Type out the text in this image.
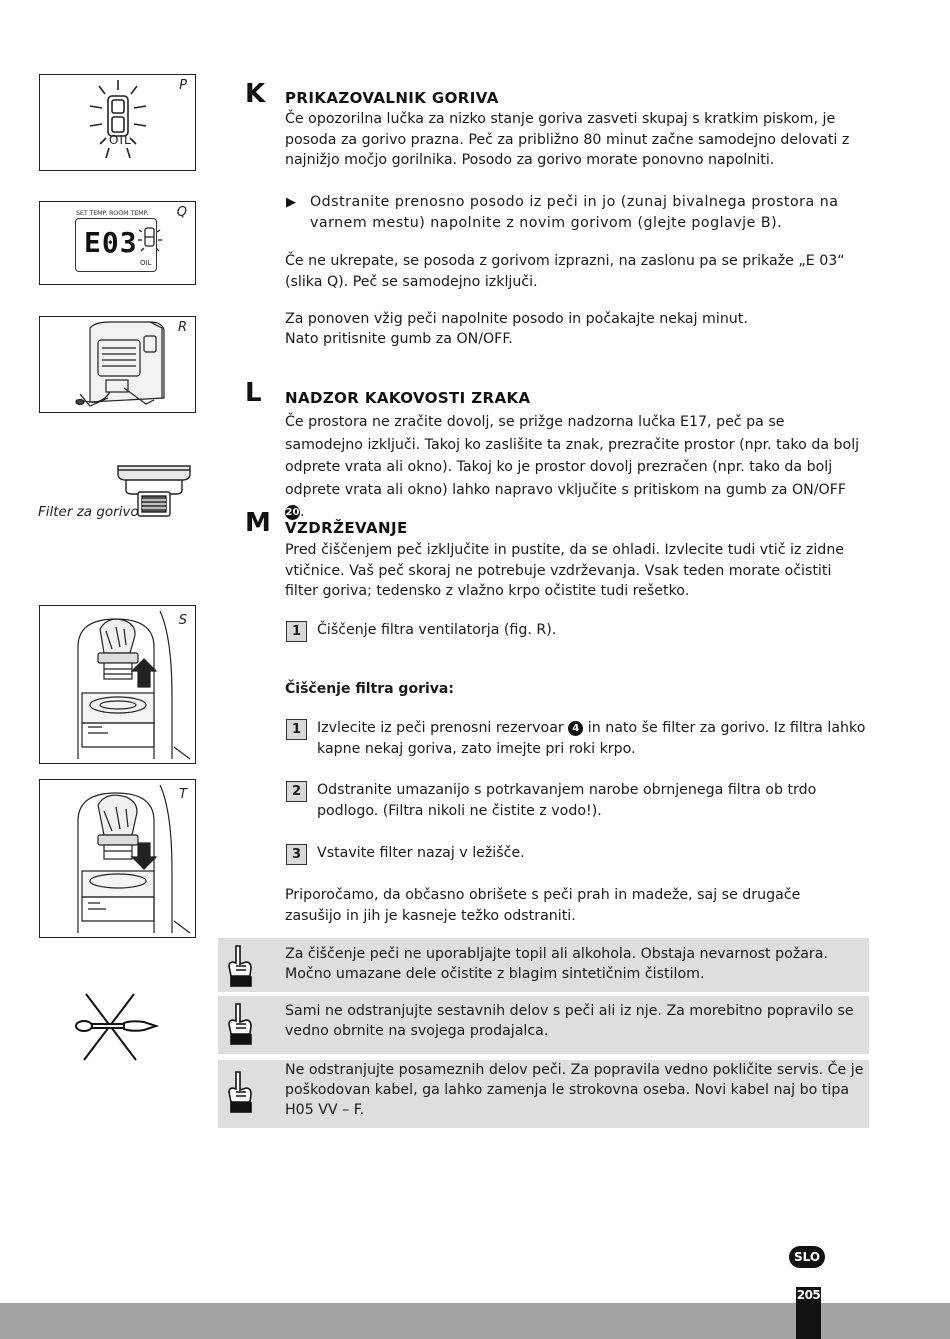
P
OIL
Q
SET TEMP. ROOM TEMP.
E03
OIL
R
Filter za gorivo
S
T
K PRIKAZOVALNIK GORIVA

Če opozorilna lučka za nizko stanje goriva zasveti skupaj s kratkim piskom, je posoda za gorivo prazna. Peč za približno 80 minut začne samodejno delovati z najnižjo močjo gorilnika. Posodo za gorivo morate ponovno napolniti.

▶ Odstranite prenosno posodo iz peči in jo (zunaj bivalnega prostora na varnem mestu) napolnite z novim gorivom (glejte poglavje B).

Če ne ukrepate, se posoda z gorivom izprazni, na zaslonu pa se prikaže „E 03“ (slika Q). Peč se samodejno izključi.

Za ponoven vžig peči napolnite posodo in počakajte nekaj minut.

Nato pritisnite gumb za ON/OFF.

L NADZOR KAKOVOSTI ZRAKA

Če prostora ne zračite dovolj, se prižge nadzorna lučka E17, peč pa se samodejno izključi. Takoj ko zaslišite ta znak, prezračite prostor (npr. tako da bolj odprete vrata ali okno). Takoj ko je prostor dovolj prezračen (npr. tako da bolj odprete vrata ali okno) lahko napravo vključite s pritiskom na gumb za ON/OFF 20.

M VZDRŽEVANJE

Pred čiščenjem peč izključite in pustite, da se ohladi. Izvlecite tudi vtič iz zidne vtičnice. Vaš peč skoraj ne potrebuje vzdrževanja. Vsak teden morate očistiti filter goriva; tedensko z vlažno krpo očistite tudi rešetko.

1	Čiščenje filtra ventilatorja (fig. R).

Čiščenje filtra goriva:

1	Izvlecite iz peči prenosni rezervoar 4 in nato še filter za gorivo. Iz filtra lahko kapne nekaj goriva, zato imejte pri roki krpo.

2	Odstranite umazanijo s potrkavanjem narobe obrnjenega filtra ob trdo podlogo. (Filtra nikoli ne čistite z vodo!).

3	Vstavite filter nazaj v ležišče.

Priporočamo, da občasno obrišete s peči prah in madeže, saj se drugače zasušijo in jih je kasneje težko odstraniti.

Za čiščenje peči ne uporabljajte topil ali alkohola. Obstaja nevarnost požara. Močno umazane dele očistite z blagim sintetičnim čistilom.
Sami ne odstranjujte sestavnih delov s peči ali iz nje. Za morebitno popravilo se vedno obrnite na svojega prodajalca.
Ne odstranjujte posameznih delov peči. Za popravila vedno pokličite servis. Če je poškodovan kabel, ga lahko zamenja le strokovna oseba. Novi kabel naj bo tipa H05 VV – F.
SLO
205
